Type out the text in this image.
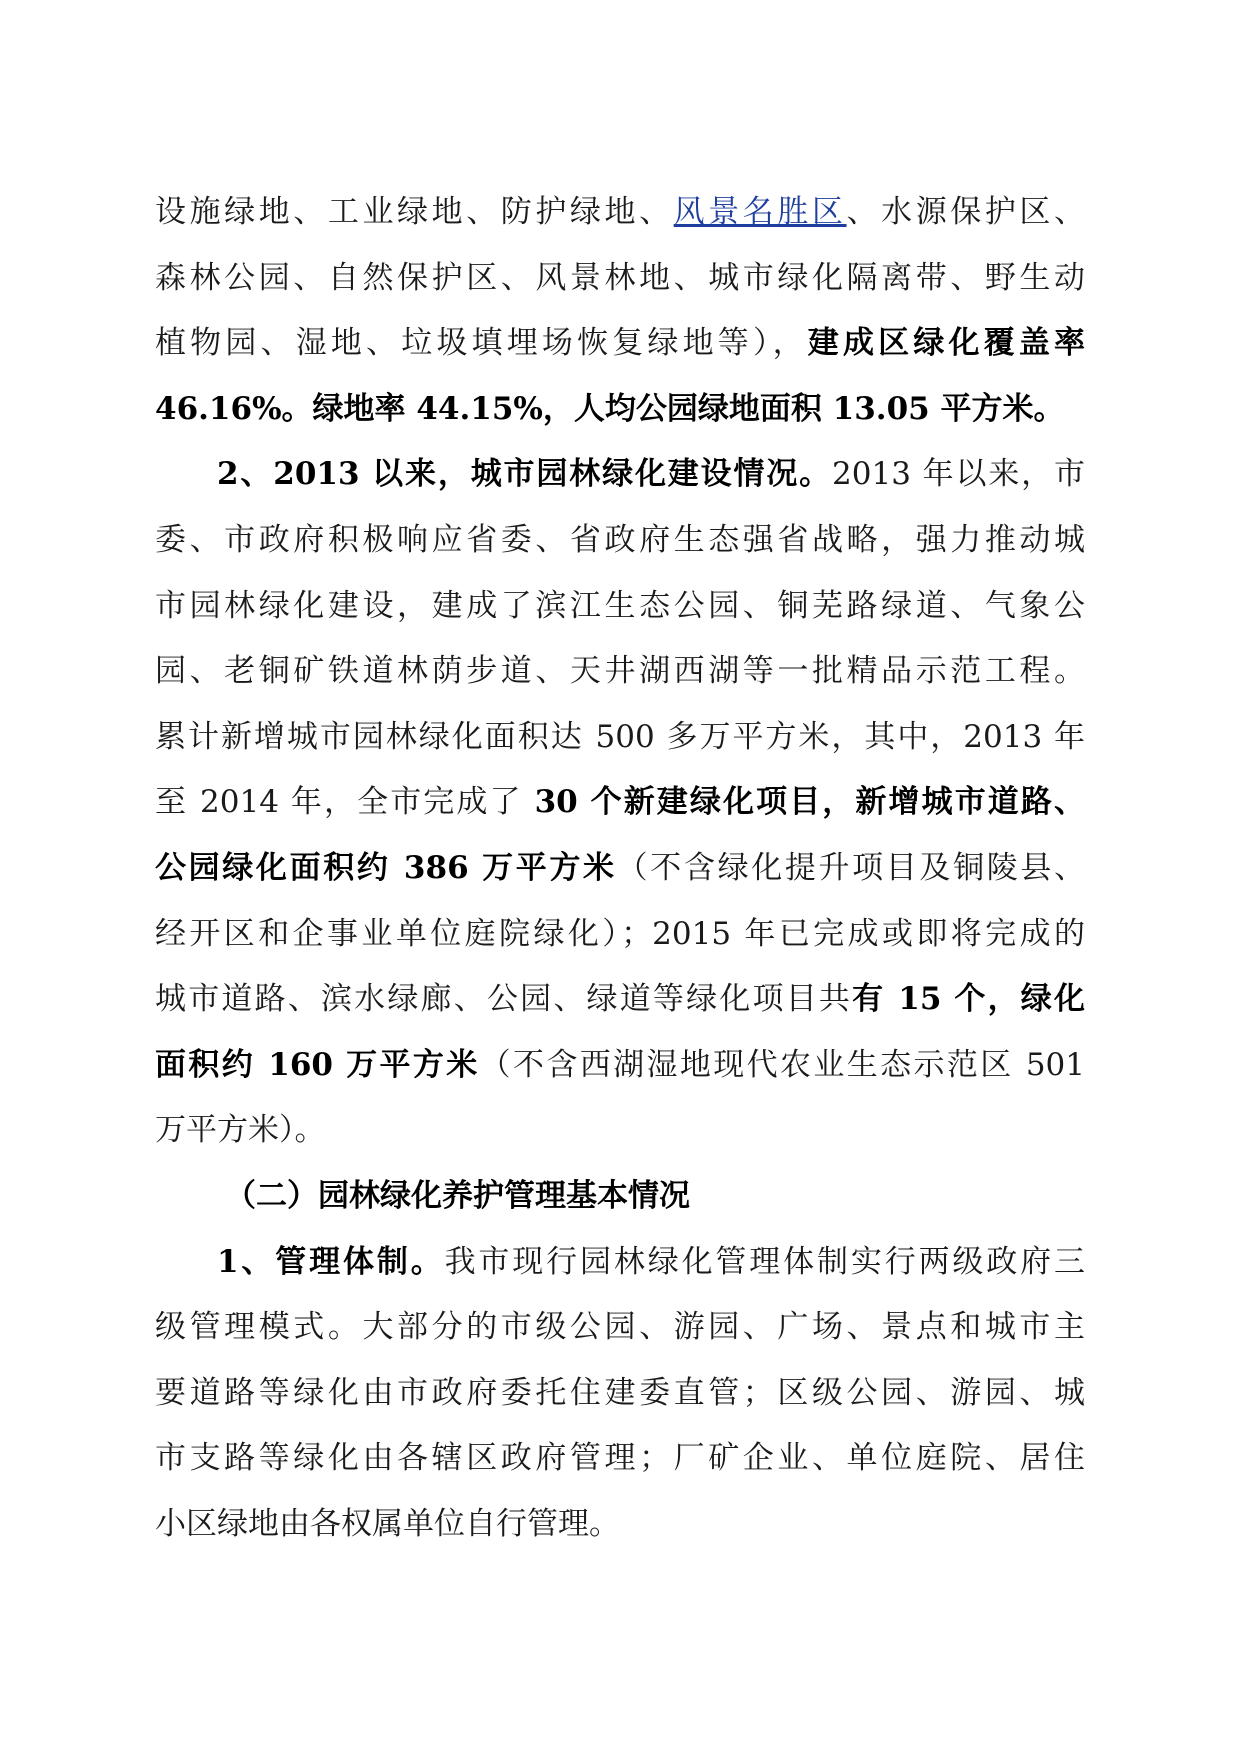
设施绿地、工业绿地、防护绿地、风景名胜区、水源保护区、
森林公园、自然保护区、风景林地、城市绿化隔离带、野生动
植物园、湿地、垃圾填埋场恢复绿地等），建成区绿化覆盖率
46.16%。绿地率 44.15%，人均公园绿地面积 13.05 平方米。
2、2013 以来，城市园林绿化建设情况。2013 年以来，市
委、市政府积极响应省委、省政府生态强省战略，强力推动城
市园林绿化建设，建成了滨江生态公园、铜芜路绿道、气象公
园、老铜矿铁道林荫步道、天井湖西湖等一批精品示范工程。
累计新增城市园林绿化面积达 500 多万平方米，其中，2013 年
至 2014 年，全市完成了 30 个新建绿化项目，新增城市道路、
公园绿化面积约 386 万平方米（不含绿化提升项目及铜陵县、
经开区和企事业单位庭院绿化）；2015 年已完成或即将完成的
城市道路、滨水绿廊、公园、绿道等绿化项目共有 15 个，绿化
面积约 160 万平方米（不含西湖湿地现代农业生态示范区 501
万平方米）。
（二）园林绿化养护管理基本情况
1、管理体制。我市现行园林绿化管理体制实行两级政府三
级管理模式。大部分的市级公园、游园、广场、景点和城市主
要道路等绿化由市政府委托住建委直管；区级公园、游园、城
市支路等绿化由各辖区政府管理；厂矿企业、单位庭院、居住
小区绿地由各权属单位自行管理。
